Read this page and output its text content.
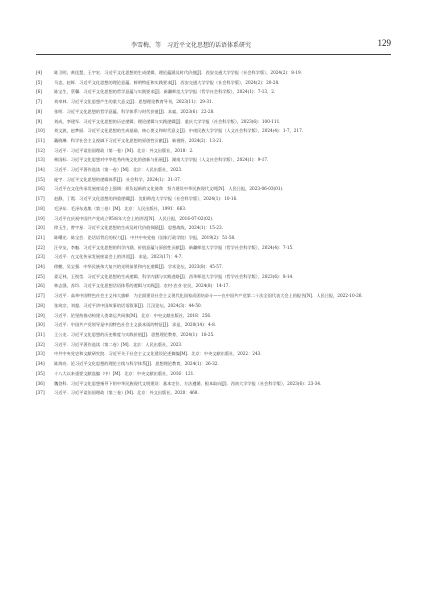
李雪梅，等　习近平文化思想的话语体系研究	129
[4]	陈卫明，黄佳慧，王宇宏．习近平文化思想的生成逻辑、理论蕴涵及时代价值[J]．西安交通大学学报（社会科学版），2024(2)：8-19．
[5]	马忠，赵辉．习近平文化思想的理论意蕴、鲜明特征和实践要求[J]．西安交通大学学报（社会科学版），2024(2)：20-28．
[6]	陈宝生，蔡馨．习近平文化思想的哲学意蕴与实践要求[J]．新疆师范大学学报（哲学社会科学版），2024(1)：7-13，2．
[7]	刘奉林．习近平文化思想产生的重大意义[J]．思想理论教育导刊，2023(11)：29-31．
[8]	张明．习近平文化思想的哲学意蕴、科学体系与时代价值[J]．求索，2023(6)：22-28．
[9]	刘成，李建军．习近平文化思想的历史逻辑、理论逻辑与实践逻辑[J]．重庆大学学报（社会科学版），2023(6)：100-111．
[10] 刘文波，赵梦丽．习近平文化思想的生成基础、核心要义和时代意义[J]．中南民族大学学报（人文社会科学版），2024(4)：1-7，217．
[11] 戴晓琳．科学社会主义视域下习近平文化思想的原创性贡献[J]．新视野，2024(2)：13-21．
[12] 习近平．习近平谈治国理政（第一卷）[M]．北京：外文出版社，2018：2．
[13] 林国标．习近平文化思想对中华优秀传统文化的创新与拓展[J]．湖南大学学报（人文社会科学版），2024(1)：9-17．
[14] 习近平．习近平著作选读（第一卷）[M]．北京：人民出版社，2023．
[15] 庞宇．习近平文化思想的逻辑体系[J]．社会科学，2024(1)：31-37．
[16] 习近平在文化传承发展座谈会上强调：担负起新的文化使命　努力建设中华民族现代文明[N]．人民日报，2023-06-03(01)．
[17] 赵静，丁霞．习近平文化思想的四重逻辑[J]．沈阳师范大学学报（社会科学版），2024(1)：10-16．
[18] 毛泽东．毛泽东选集（第三卷）[M]．北京：人民出版社，1991：663．
[19] 习近平在庆祝中国共产党成立95周年大会上的讲话[N]．人民日报，2016-07-02(02)．
[20] 徐玉生，曾宇星．习近平文化思想的生成及时代价值探赜[J]．思想战线，2024(1)：15-23．
[21] 陈曙光．陈宝会．论话语背后的权力[J]．中共中央党校（国家行政学院）学报，2019(2)：51-58．
[22] 汪亭友，李魁．习近平文化思想的科学内涵、价值意蕴与原创性贡献[J]．新疆师范大学学报（哲学社会科学版），2024(4)：7-15．
[23] 习近平．在文化传承发展座谈会上的讲话[J]．求是，2023(17)：4-7．
[24] 徐鹏，吴宝强．中华民族伟大复兴的光明前景和内在逻辑[J]．学术论坛，2023(8)：45-57．
[25] 姜辽林，王悦莹．习近平文化思想的生成逻辑、科学内涵与实践进路[J]．西华师范大学学报（哲学社会科学版），2023(6)：8-14．
[26] 林志强，苏均．习近平文化思想话语体系的逻辑与实践[J]．农村·农业·农民，2024(8)：14-17．
[27] 习近平．高举中国特色社会主义伟大旗帜　为全面建设社会主义现代化国家而团结奋斗——在中国共产党第二十次全国代表大会上的报告[N]．人民日报，2022-10-26．
[28] 张筑宗，刘超．习近平讲中国故事的话语叙事[J]．江汉论坛，2024(3)：44-50．
[29] 习近平．论坚持推动构建人类命运共同体[M]．北京：中央文献出版社，2018：256．
[30] 习近平．中国共产党领导是中国特色社会主义最本质的特征[J]．求是，2020(14)：4-8．
[31] 王公龙．习近平文化思想的历史维度与实践价值[J]．思想理论教育，2024(1)：18-25．
[32] 习近平．习近平著作选读（第二卷）[M]．北京：人民出版社，2023．
[33] 中共中央党史和文献研究院．习近平关于社会主义文化建设论述摘编[M]．北京：中央文献出版社，2022：243．
[34] 陈海亮．论习近平文化思想的理论主线与科学体系[J]．思想理论教育，2024(1)：26-32．
[35] 十八大以来重要文献选编（中）[M]．北京：中央文献出版社，2016：121．
[36] 魏登科．习近平文化思想指导下的中华民族现代文明建设：基本定位、方法遵循、根本取向[J]．西南大学学报（社会科学版），2023(6)：23-34．
[37] 习近平．习近平谈治国理政（第三卷）[M]．北京：外文出版社，2020：468．
